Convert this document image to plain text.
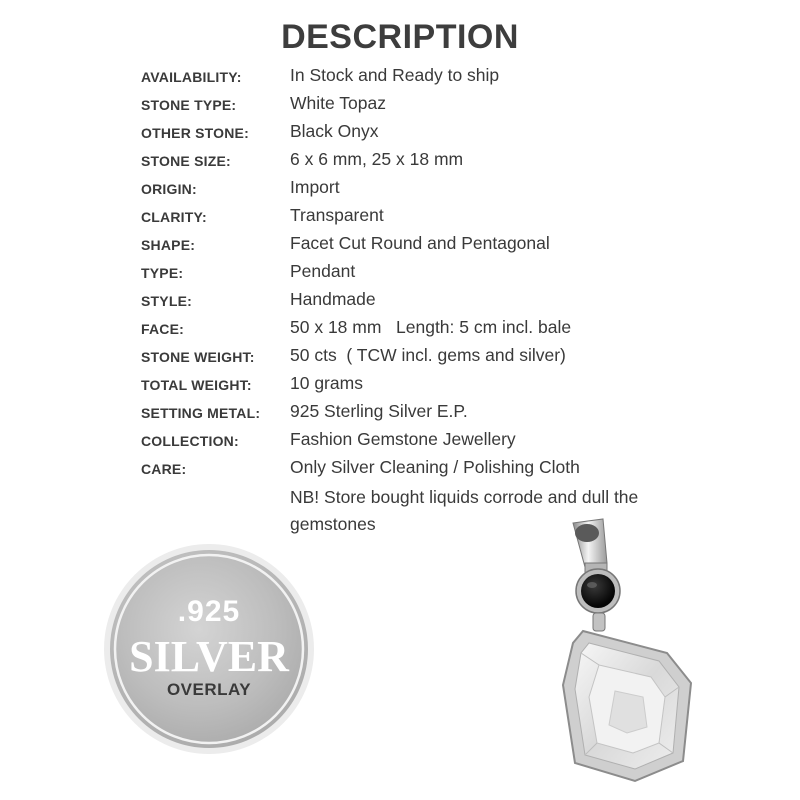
DESCRIPTION
AVAILABILITY:	In Stock and Ready to ship
STONE TYPE:	White Topaz
OTHER STONE: Black Onyx
STONE SIZE:	6 x 6 mm, 25 x 18 mm
ORIGIN:	Import
CLARITY:	Transparent
SHAPE:	Facet Cut Round and Pentagonal
TYPE:	Pendant
STYLE:	Handmade
FACE:	50 x 18 mm   Length: 5 cm incl. bale
STONE WEIGHT: 50 cts  ( TCW incl. gems and silver)
TOTAL WEIGHT: 10 grams
SETTING METAL: 925 Sterling Silver E.P.
COLLECTION:	Fashion Gemstone Jewellery
CARE:	Only Silver Cleaning / Polishing Cloth
NB! Store bought liquids corrode and dull the gemstones
.925
SILVER
OVERLAY
